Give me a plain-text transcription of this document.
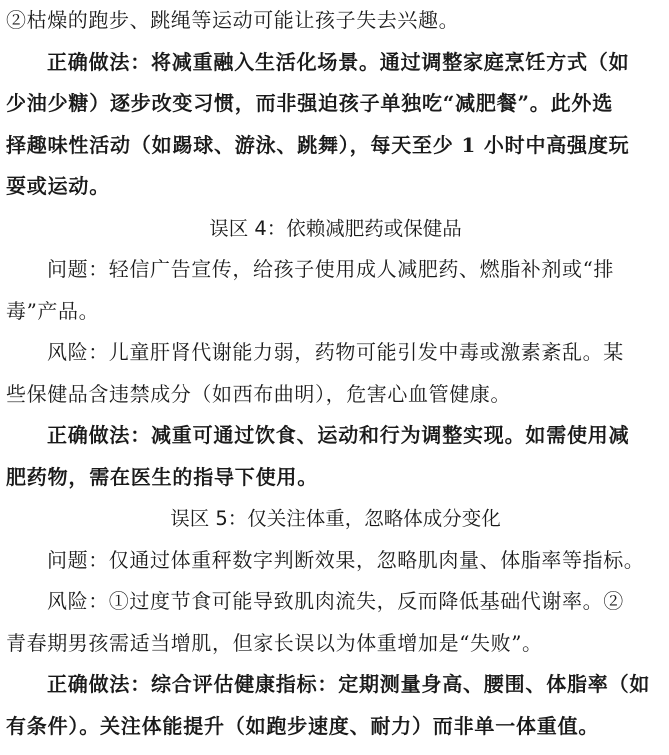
②枯燥的跑步、跳绳等运动可能让孩子失去兴趣。
正确做法：将减重融入生活化场景。通过调整家庭烹饪方式（如
少油少糖）逐步改变习惯，而非强迫孩子单独吃“减肥餐”。此外选
择趣味性活动（如踢球、游泳、跳舞），每天至少 1 小时中高强度玩
耍或运动。
误区 4：依赖减肥药或保健品
问题：轻信广告宣传，给孩子使用成人减肥药、燃脂补剂或“排
毒”产品。
风险：儿童肝肾代谢能力弱，药物可能引发中毒或激素紊乱。某
些保健品含违禁成分（如西布曲明），危害心血管健康。
正确做法：减重可通过饮食、运动和行为调整实现。如需使用减
肥药物，需在医生的指导下使用。
误区 5：仅关注体重，忽略体成分变化
问题：仅通过体重秤数字判断效果，忽略肌肉量、体脂率等指标。
风险：①过度节食可能导致肌肉流失，反而降低基础代谢率。②
青春期男孩需适当增肌，但家长误以为体重增加是“失败”。
正确做法：综合评估健康指标：定期测量身高、腰围、体脂率（如
有条件）。关注体能提升（如跑步速度、耐力）而非单一体重值。
